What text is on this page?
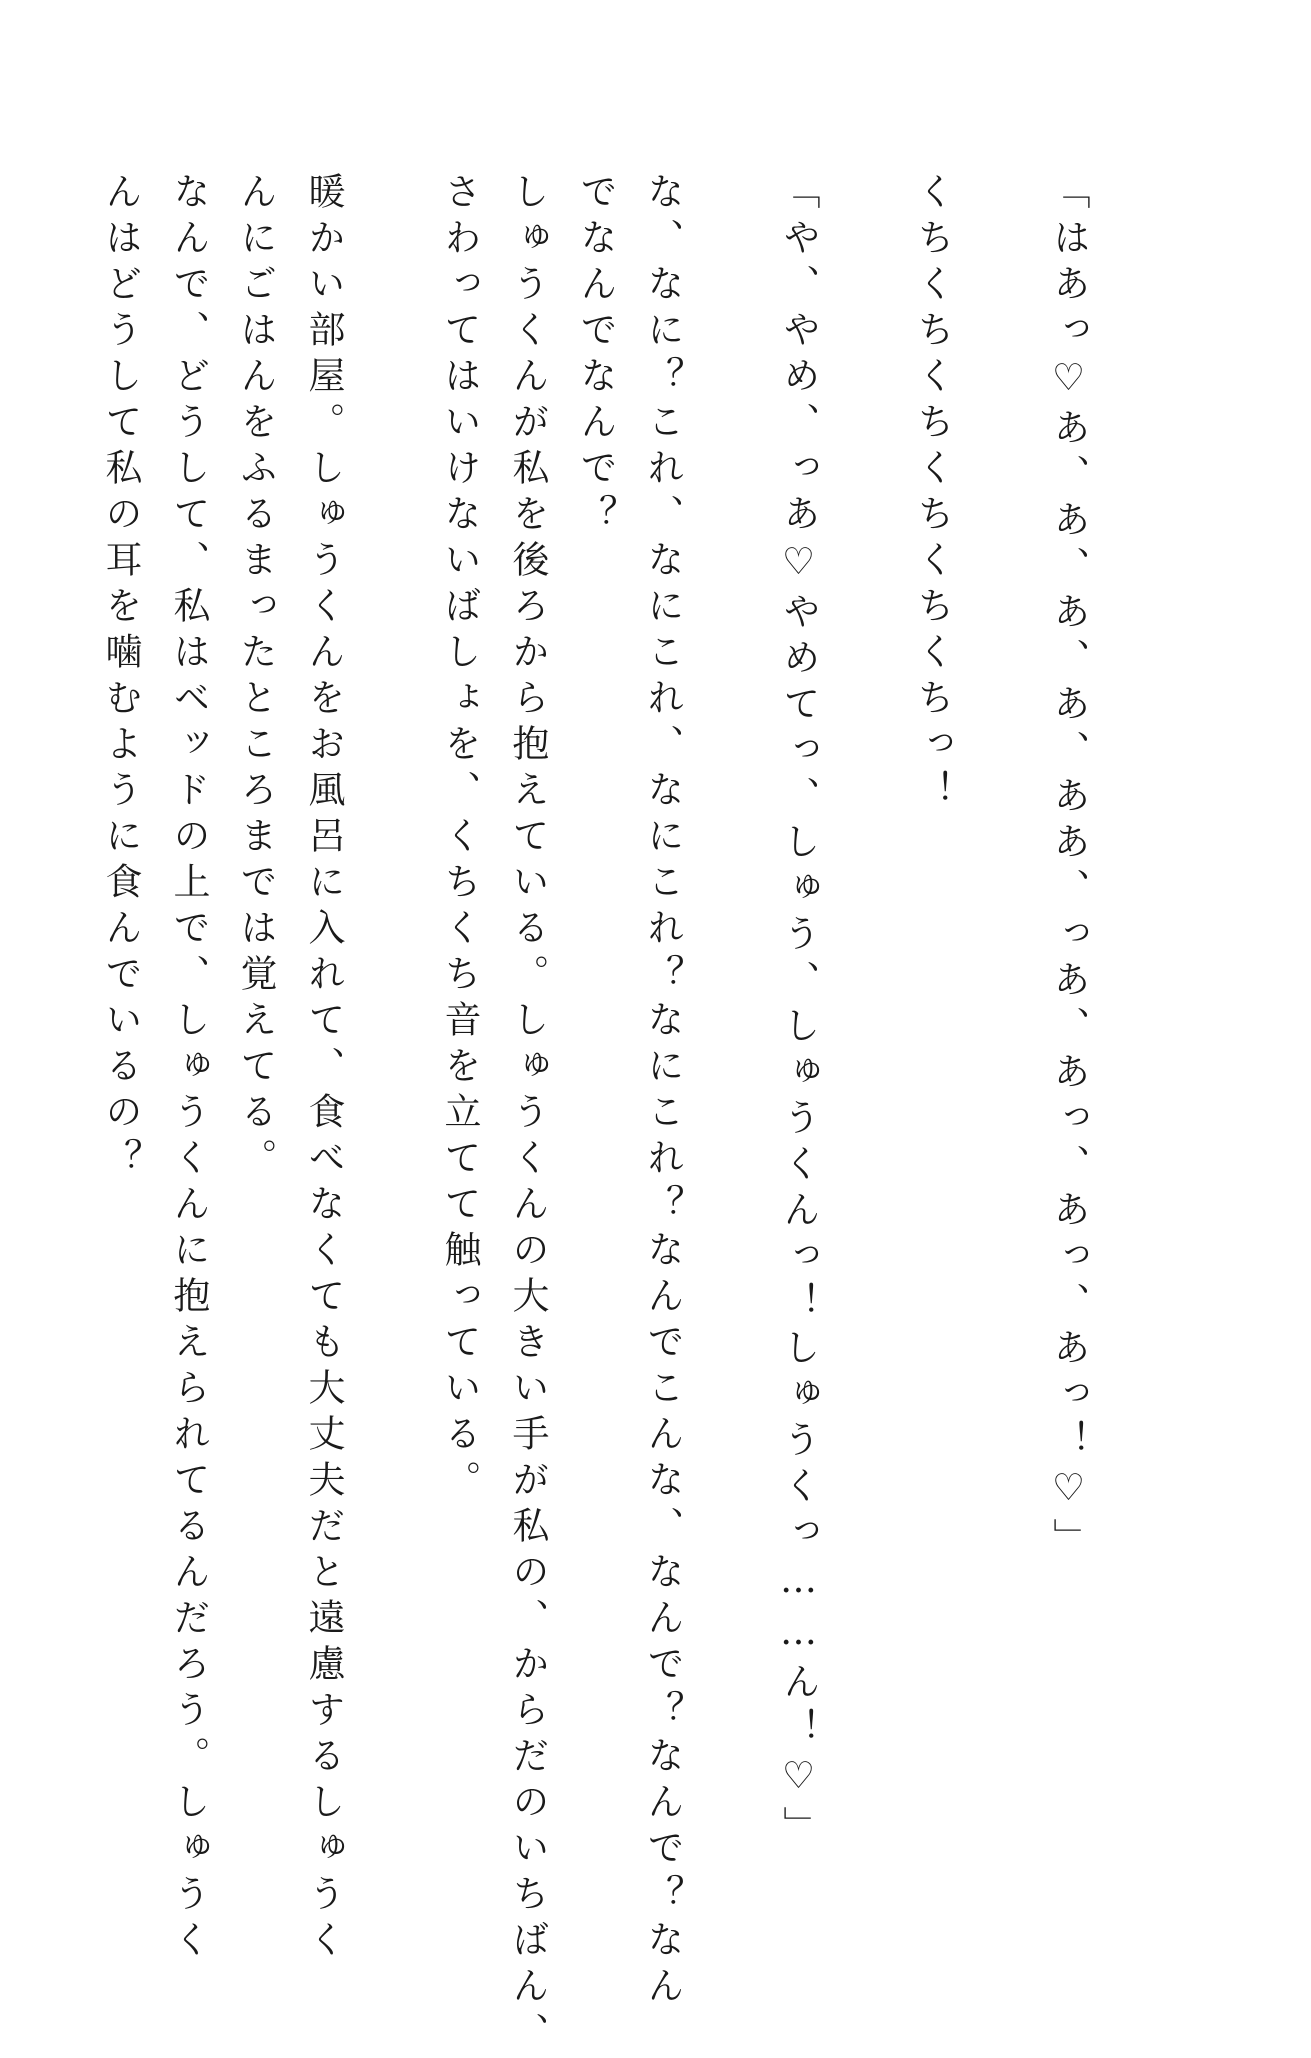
「はあっ♡あ、あ、あ、あ、ああ、っあ、あっ、あっ、あっ！♡」
くちくちくちくちくちくちっ！
「や、やめ、っあ♡やめてっ、しゅう、しゅうくんっ！しゅうくっ……ん！♡」
な、なに？これ、なにこれ、なにこれ？なにこれ？なんでこんな、なんで？なんで？なん
でなんでなんで？
しゅうくんが私を後ろから抱えている。しゅうくんの大きい手が私の、からだのいちばん、
さわってはいけないばしょを、くちくち音を立てて触っている。
暖かい部屋。しゅうくんをお風呂に入れて、食べなくても大丈夫だと遠慮するしゅうく
んにごはんをふるまったところまでは覚えてる。
なんで、どうして、私はベッドの上で、しゅうくんに抱えられてるんだろう。しゅうく
んはどうして私の耳を噛むように食んでいるの？
